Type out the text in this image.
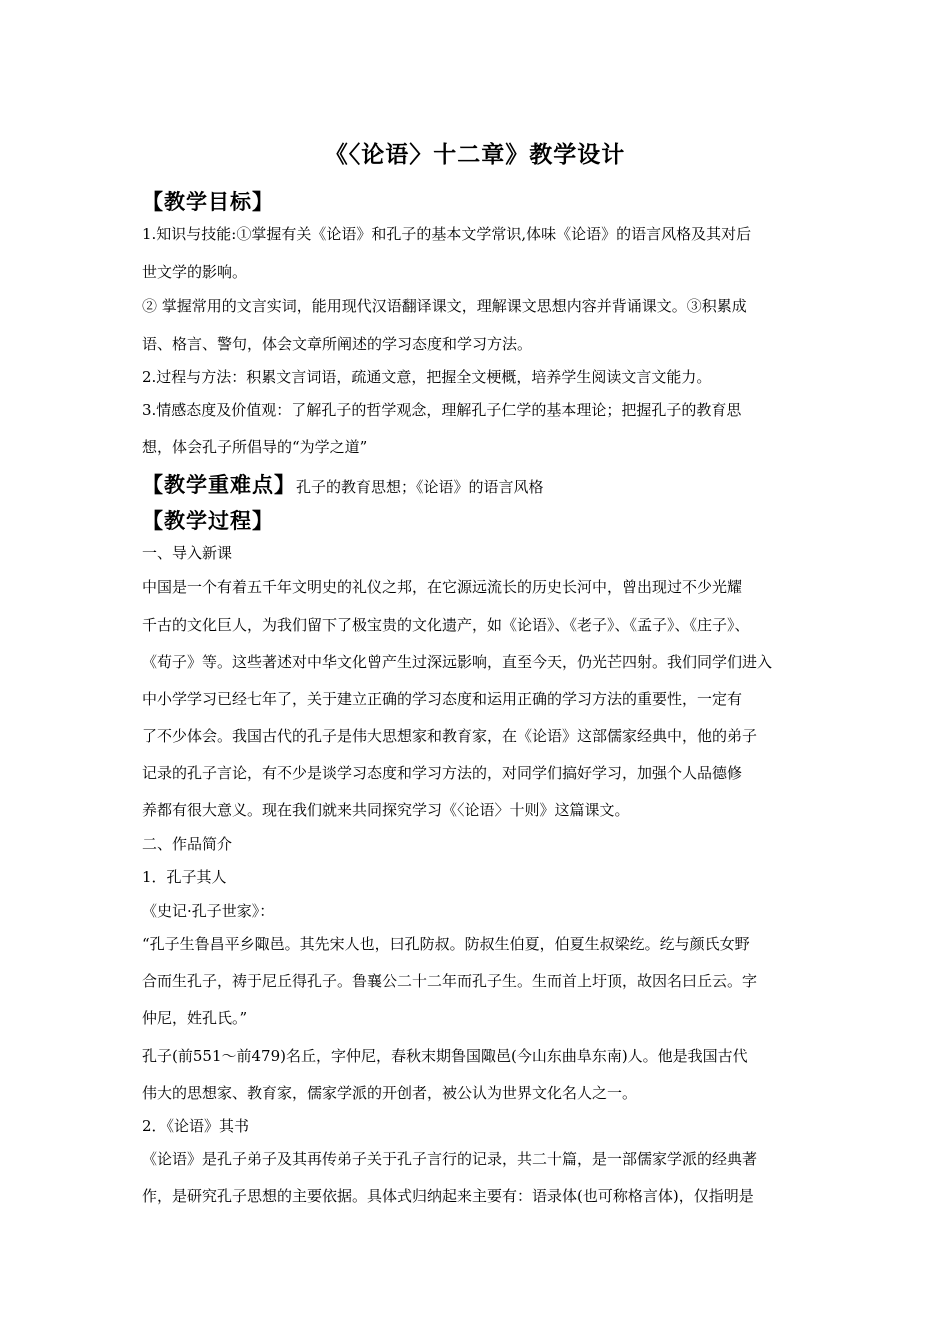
《〈论语〉十二章》教学设计
【教学目标】
1.知识与技能:①掌握有关《论语》和孔子的基本文学常识,体味《论语》的语言风格及其对后
世文学的影响。
② 掌握常用的文言实词，能用现代汉语翻译课文，理解课文思想内容并背诵课文。③积累成
语、格言、警句，体会文章所阐述的学习态度和学习方法。
2.过程与方法：积累文言词语，疏通文意，把握全文梗概，培养学生阅读文言文能力。
3.情感态度及价值观：了解孔子的哲学观念，理解孔子仁学的基本理论；把握孔子的教育思
想，体会孔子所倡导的“为学之道”
【教学重难点】孔子的教育思想；《论语》的语言风格
【教学过程】
一、导入新课
中国是一个有着五千年文明史的礼仪之邦，在它源远流长的历史长河中，曾出现过不少光耀
千古的文化巨人，为我们留下了极宝贵的文化遗产，如《论语》、《老子》、《孟子》、《庄子》、
《荀子》等。这些著述对中华文化曾产生过深远影响，直至今天，仍光芒四射。我们同学们进入
中小学学习已经七年了，关于建立正确的学习态度和运用正确的学习方法的重要性，一定有
了不少体会。我国古代的孔子是伟大思想家和教育家，在《论语》这部儒家经典中，他的弟子
记录的孔子言论，有不少是谈学习态度和学习方法的，对同学们搞好学习，加强个人品德修
养都有很大意义。现在我们就来共同探究学习《〈论语〉十则》这篇课文。
二、作品简介
1．孔子其人
《史记·孔子世家》：
“孔子生鲁昌平乡陬邑。其先宋人也，曰孔防叔。防叔生伯夏，伯夏生叔梁纥。纥与颜氏女野
合而生孔子，祷于尼丘得孔子。鲁襄公二十二年而孔子生。生而首上圩顶，故因名曰丘云。字
仲尼，姓孔氏。”
孔子(前551～前479)名丘，字仲尼，春秋末期鲁国陬邑(今山东曲阜东南)人。他是我国古代
伟大的思想家、教育家，儒家学派的开创者，被公认为世界文化名人之一。
2．《论语》其书
《论语》是孔子弟子及其再传弟子关于孔子言行的记录，共二十篇，是一部儒家学派的经典著
作，是研究孔子思想的主要依据。具体式归纳起来主要有：语录体(也可称格言体)，仅指明是
